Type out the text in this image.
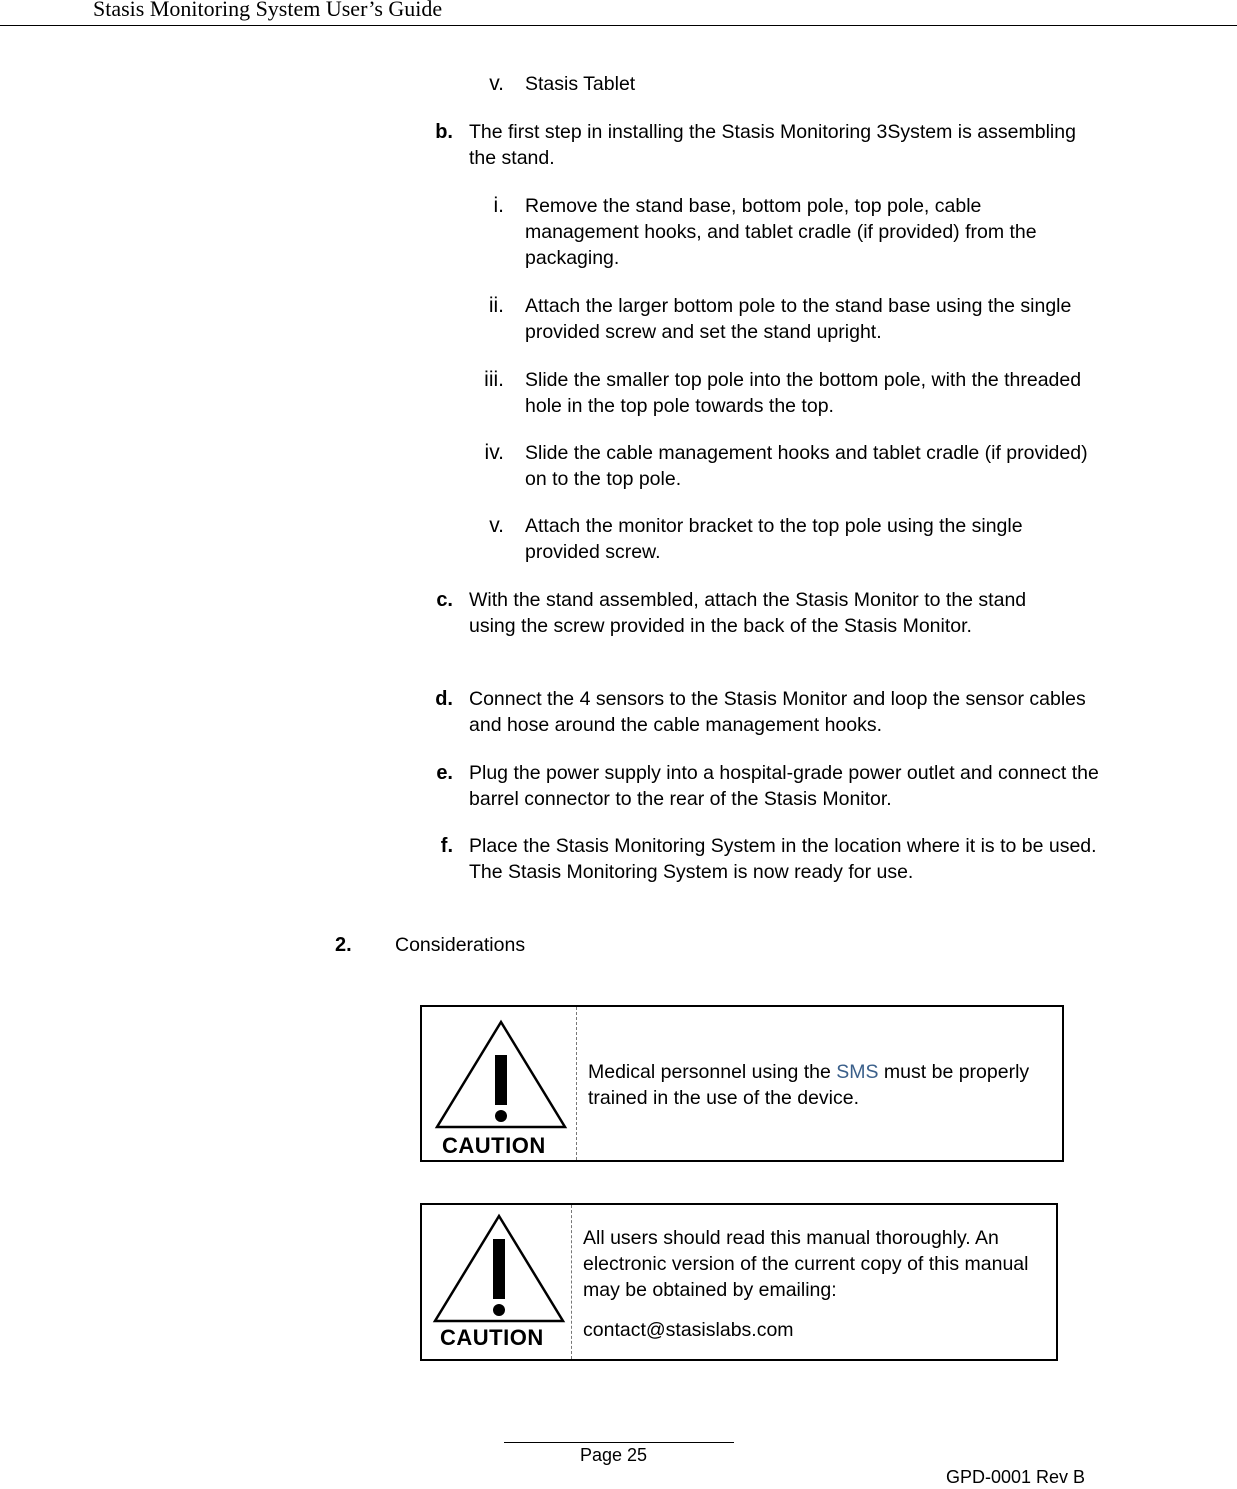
Stasis Monitoring System User’s Guide
v. Stasis Tablet
b. The first step in installing the Stasis Monitoring 3System is assembling the stand.
i. Remove the stand base, bottom pole, top pole, cable management hooks, and tablet cradle (if provided) from the packaging.
ii. Attach the larger bottom pole to the stand base using the single provided screw and set the stand upright.
iii. Slide the smaller top pole into the bottom pole, with the threaded hole in the top pole towards the top.
iv. Slide the cable management hooks and tablet cradle (if provided) on to the top pole.
v. Attach the monitor bracket to the top pole using the single provided screw.
c. With the stand assembled, attach the Stasis Monitor to the stand using the screw provided in the back of the Stasis Monitor.
d. Connect the 4 sensors to the Stasis Monitor and loop the sensor cables and hose around the cable management hooks.
e. Plug the power supply into a hospital-grade power outlet and connect the barrel connector to the rear of the Stasis Monitor.
f. Place the Stasis Monitoring System in the location where it is to be used. The Stasis Monitoring System is now ready for use.
2. Considerations
CAUTION
Medical personnel using the SMS must be properly trained in the use of the device.
CAUTION
All users should read this manual thoroughly. An electronic version of the current copy of this manual may be obtained by emailing:
contact@stasislabs.com
Page 25
GPD-0001 Rev B
